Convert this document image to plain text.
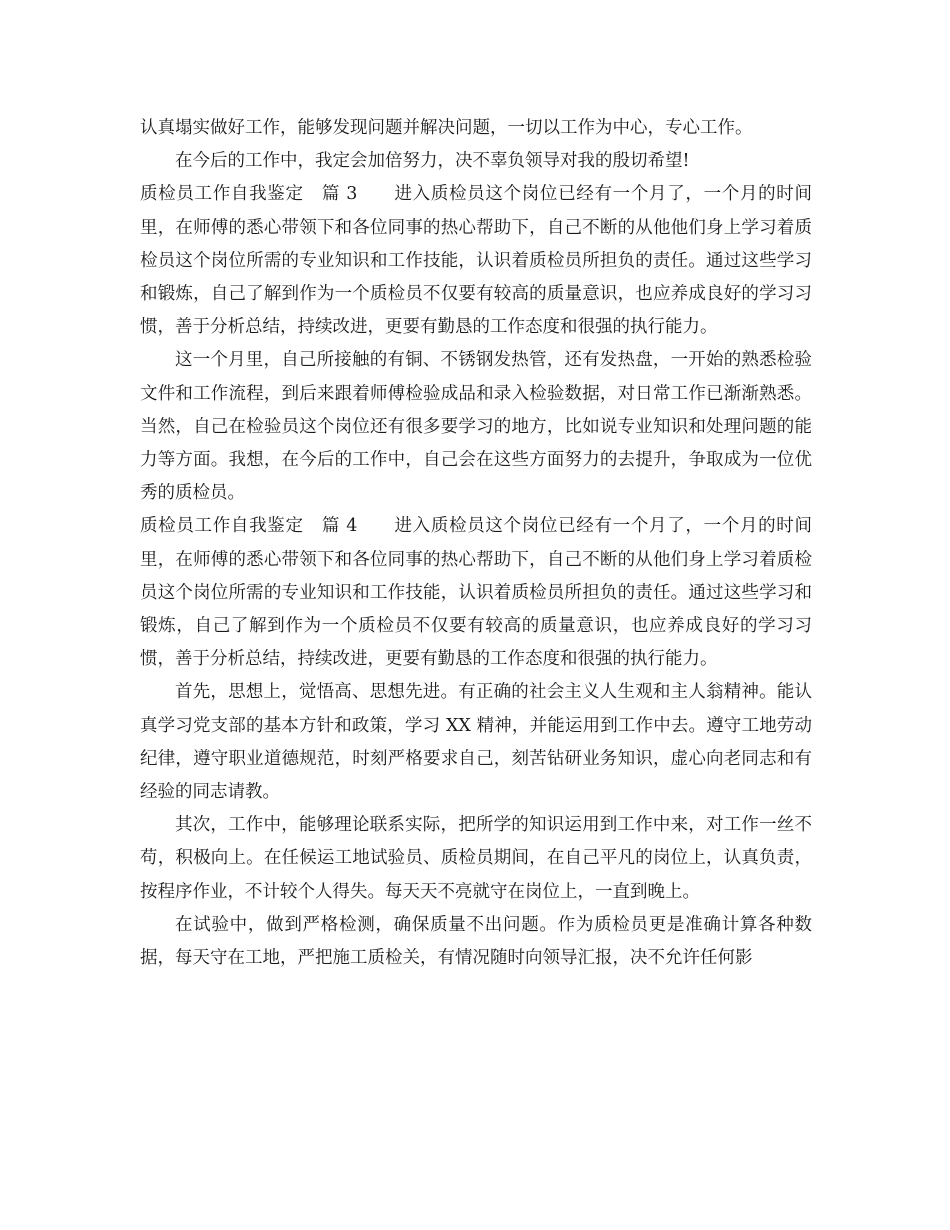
认真塌实做好工作，能够发现问题并解决问题，一切以工作为中心，专心工作。

在今后的工作中，我定会加倍努力，决不辜负领导对我的殷切希望!

质检员工作自我鉴定　篇 3　　进入质检员这个岗位已经有一个月了，一个月的时间里，在师傅的悉心带领下和各位同事的热心帮助下，自己不断的从他他们身上学习着质检员这个岗位所需的专业知识和工作技能，认识着质检员所担负的责任。通过这些学习和锻炼，自己了解到作为一个质检员不仅要有较高的质量意识，也应养成良好的学习习惯，善于分析总结，持续改进，更要有勤恳的工作态度和很强的执行能力。

这一个月里，自己所接触的有铜、不锈钢发热管，还有发热盘，一开始的熟悉检验文件和工作流程，到后来跟着师傅检验成品和录入检验数据，对日常工作已渐渐熟悉。当然，自己在检验员这个岗位还有很多要学习的地方，比如说专业知识和处理问题的能力等方面。我想，在今后的工作中，自己会在这些方面努力的去提升，争取成为一位优秀的质检员。

质检员工作自我鉴定　篇 4　　进入质检员这个岗位已经有一个月了，一个月的时间里，在师傅的悉心带领下和各位同事的热心帮助下，自己不断的从他们身上学习着质检员这个岗位所需的专业知识和工作技能，认识着质检员所担负的责任。通过这些学习和锻炼，自己了解到作为一个质检员不仅要有较高的质量意识，也应养成良好的学习习惯，善于分析总结，持续改进，更要有勤恳的工作态度和很强的执行能力。

首先，思想上，觉悟高、思想先进。有正确的社会主义人生观和主人翁精神。能认真学习党支部的基本方针和政策，学习 XX 精神，并能运用到工作中去。遵守工地劳动纪律，遵守职业道德规范，时刻严格要求自己，刻苦钻研业务知识，虚心向老同志和有经验的同志请教。

其次，工作中，能够理论联系实际，把所学的知识运用到工作中来，对工作一丝不苟，积极向上。在任候运工地试验员、质检员期间，在自己平凡的岗位上，认真负责，按程序作业，不计较个人得失。每天天不亮就守在岗位上，一直到晚上。

在试验中，做到严格检测，确保质量不出问题。作为质检员更是准确计算各种数据，每天守在工地，严把施工质检关，有情况随时向领导汇报，决不允许任何影
